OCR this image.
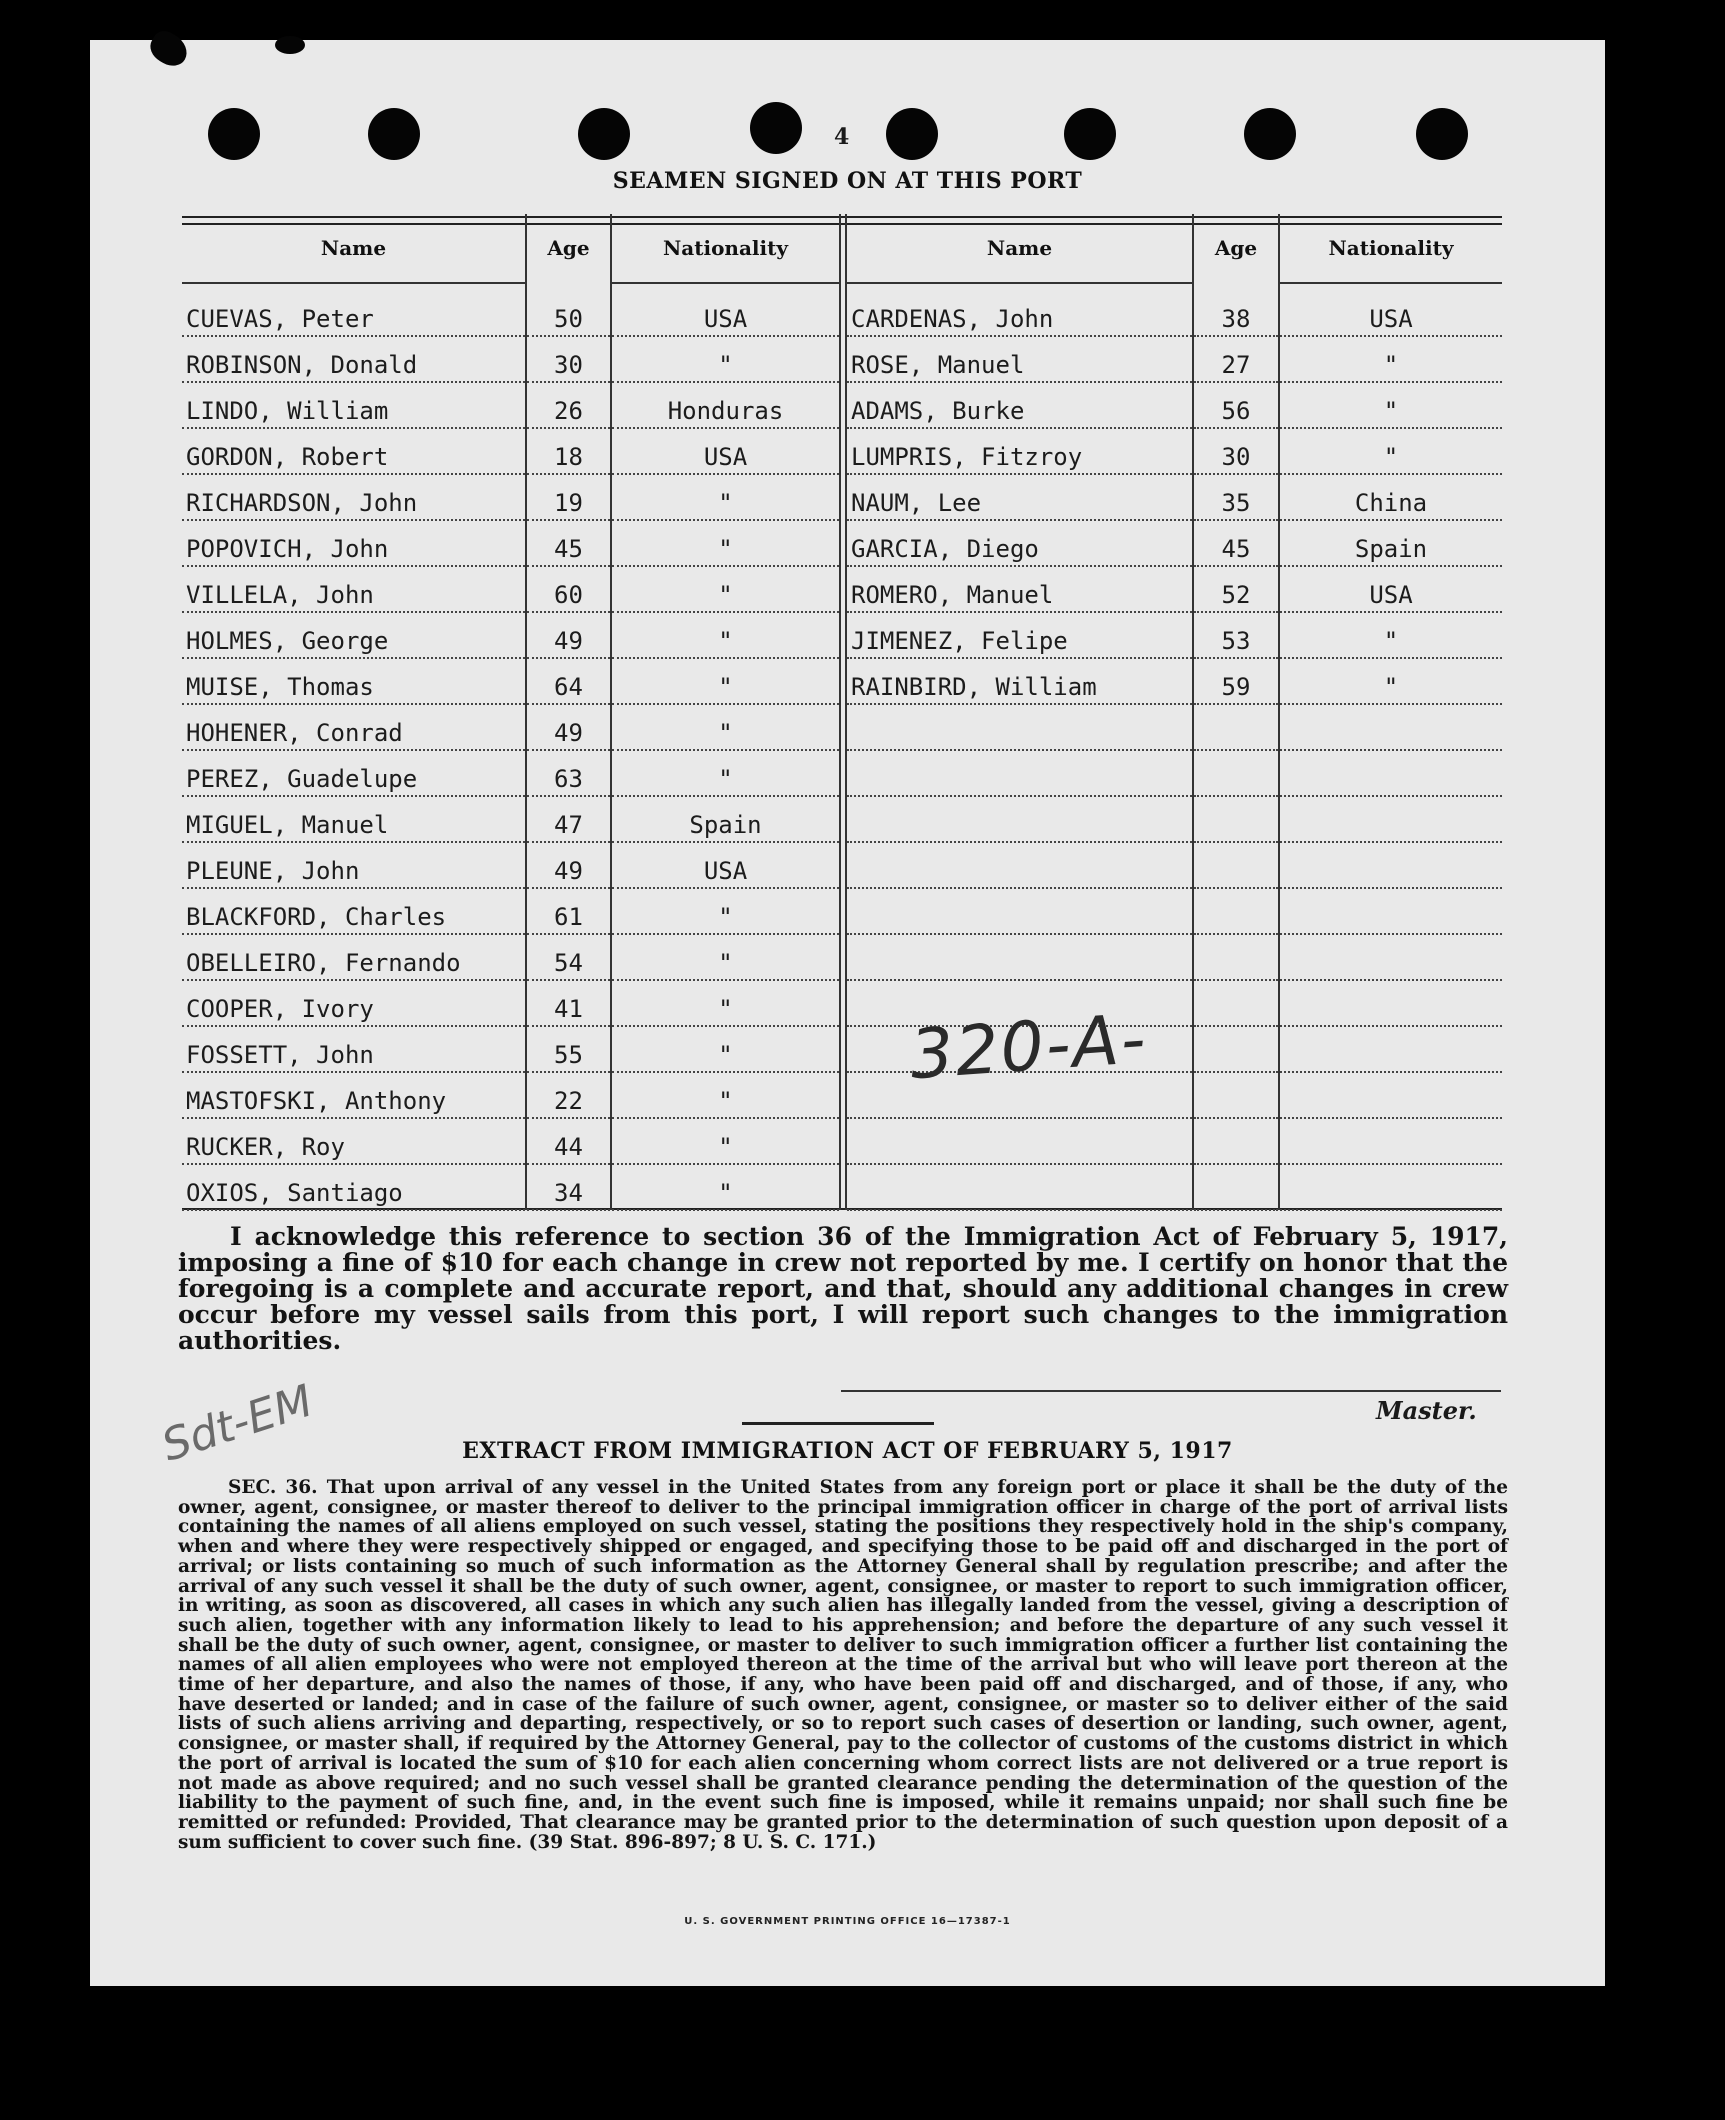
4
SEAMEN SIGNED ON AT THIS PORT
Name	Age	Nationality	Name	Age	Nationality
CUEVAS, Peter	50	USA	CARDENAS, John	38	USA
ROBINSON, Donald	30	"	ROSE, Manuel	27	"
LINDO, William	26	Honduras	ADAMS, Burke	56	"
GORDON, Robert	18	USA	LUMPRIS, Fitzroy	30	"
RICHARDSON, John	19	"	NAUM, Lee	35	China
POPOVICH, John	45	"	GARCIA, Diego	45	Spain
VILLELA, John	60	"	ROMERO, Manuel	52	USA
HOLMES, George	49	"	JIMENEZ, Felipe	53	"
MUISE, Thomas	64	"	RAINBIRD, William	59	"
HOHENER, Conrad	49	"
PEREZ, Guadelupe	63	"
MIGUEL, Manuel	47	Spain
PLEUNE, John	49	USA
BLACKFORD, Charles	61	"
OBELLEIRO, Fernando	54	"
COOPER, Ivory	41	"
FOSSETT, John	55	"
MASTOFSKI, Anthony	22	"
RUCKER, Roy	44	"
OXIOS, Santiago	34	"
320-A-
I acknowledge this reference to section 36 of the Immigration Act of February 5, 1917, imposing a fine of $10 for each change in crew not reported by me. I certify on honor that the foregoing is a complete and accurate report, and that, should any additional changes in crew occur before my vessel sails from this port, I will report such changes to the immigration authorities.
Master.
Sdt-EM	EXTRACT FROM IMMIGRATION ACT OF FEBRUARY 5, 1917
SEC. 36. That upon arrival of any vessel in the United States from any foreign port or place it shall be the duty of the owner, agent, consignee, or master thereof to deliver to the principal immigration officer in charge of the port of arrival lists containing the names of all aliens employed on such vessel, stating the positions they respectively hold in the ship's company, when and where they were respectively shipped or engaged, and specifying those to be paid off and discharged in the port of arrival; or lists containing so much of such information as the Attorney General shall by regulation prescribe; and after the arrival of any such vessel it shall be the duty of such owner, agent, consignee, or master to report to such immigration officer, in writing, as soon as discovered, all cases in which any such alien has illegally landed from the vessel, giving a description of such alien, together with any information likely to lead to his apprehension; and before the departure of any such vessel it shall be the duty of such owner, agent, consignee, or master to deliver to such immigration officer a further list containing the names of all alien employees who were not employed thereon at the time of the arrival but who will leave port thereon at the time of her departure, and also the names of those, if any, who have been paid off and discharged, and of those, if any, who have deserted or landed; and in case of the failure of such owner, agent, consignee, or master so to deliver either of the said lists of such aliens arriving and departing, respectively, or so to report such cases of desertion or landing, such owner, agent, consignee, or master shall, if required by the Attorney General, pay to the collector of customs of the customs district in which the port of arrival is located the sum of $10 for each alien concerning whom correct lists are not delivered or a true report is not made as above required; and no such vessel shall be granted clearance pending the determination of the question of the liability to the payment of such fine, and, in the event such fine is imposed, while it remains unpaid; nor shall such fine be remitted or refunded: Provided, That clearance may be granted prior to the determination of such question upon deposit of a sum sufficient to cover such fine. (39 Stat. 896-897; 8 U. S. C. 171.)
U. S. GOVERNMENT PRINTING OFFICE 16—17387-1
